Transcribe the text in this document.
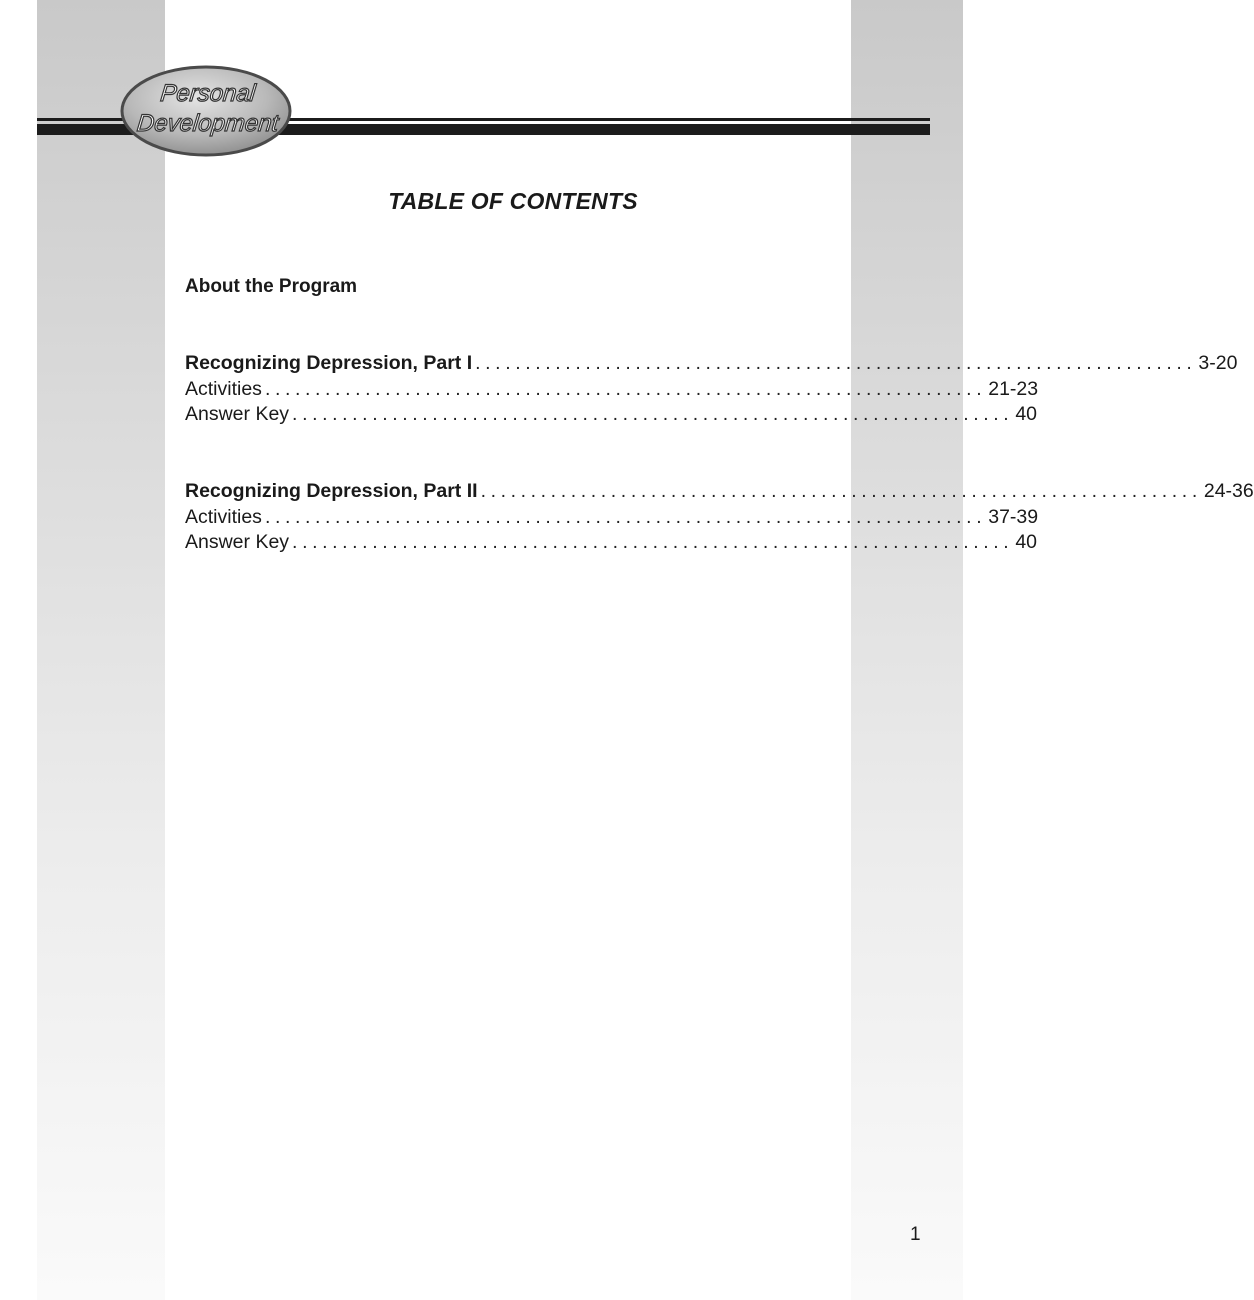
Personal
Development
TABLE OF CONTENTS
About the Program
Recognizing Depression, Part I ........................................................................ 3-20
Activities ........................................................................ 21-23
Answer Key ........................................................................ 40
Recognizing Depression, Part II ........................................................................ 24-36
Activities ........................................................................ 37-39
Answer Key ........................................................................ 40
1
